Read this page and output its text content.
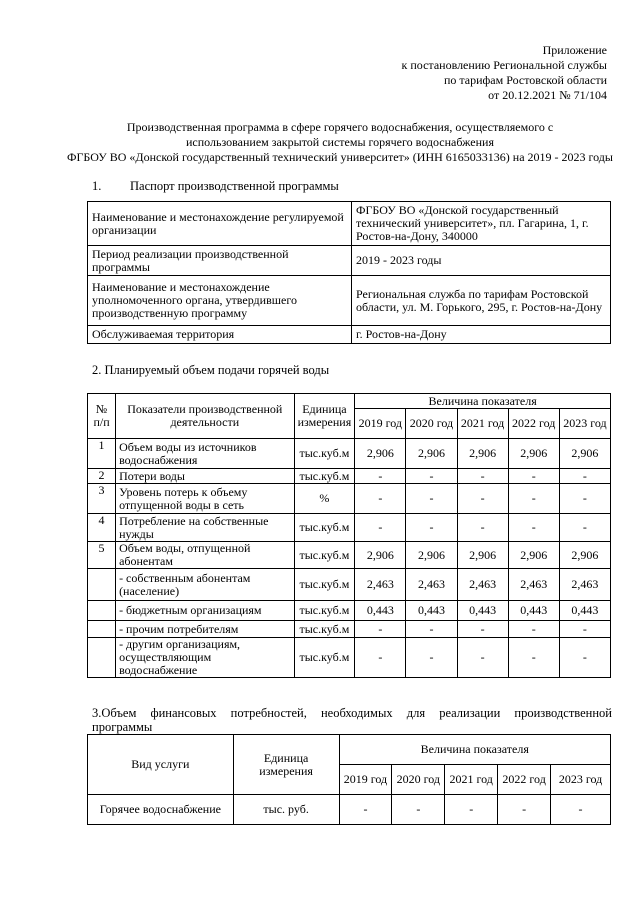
Приложение
к постановлению Региональной службы
по тарифам Ростовской области
от 20.12.2021 № 71/104
Производственная программа в сфере горячего водоснабжения, осуществляемого с
использованием закрытой системы горячего водоснабжения
ФГБОУ ВО «Донской государственный технический университет» (ИНН 6165033136) на 2019 - 2023 годы
1. Паспорт производственной программы
Наименование и местонахождение регулируемой организации	ФГБОУ ВО «Донской государственный технический университет», пл. Гагарина, 1, г. Ростов-на-Дону, 340000
Период реализации производственной программы	2019 - 2023 годы
Наименование и местонахождение уполномоченного органа, утвердившего производственную программу	Региональная служба по тарифам Ростовской области, ул. М. Горького, 295, г. Ростов-на-Дону
Обслуживаемая территория	г. Ростов-на-Дону
2. Планируемый объем подачи горячей воды
№ п/п	Показатели производственной деятельности	Единица измерения	Величина показателя				
			2019 год	2020 год	2021 год	2022 год	2023 год
1	Объем воды из источников водоснабжения	тыс.куб.м	2,906	2,906	2,906	2,906	2,906
2	Потери воды	тыс.куб.м	-	-	-	-	-
3	Уровень потерь к объему отпущенной воды в сеть	%	-	-	-	-	-
4	Потребление на собственные нужды	тыс.куб.м	-	-	-	-	-
5	Объем воды, отпущенной абонентам	тыс.куб.м	2,906	2,906	2,906	2,906	2,906
	- собственным абонентам (население)	тыс.куб.м	2,463	2,463	2,463	2,463	2,463
	- бюджетным организациям	тыс.куб.м	0,443	0,443	0,443	0,443	0,443
	- прочим потребителям	тыс.куб.м	-	-	-	-	-
	- другим организациям, осуществляющим водоснабжение	тыс.куб.м	-	-	-	-	-
3.Объем финансовых потребностей, необходимых для реализации производственной
программы
Вид услуги	Единица измерения	Величина показателя				
		2019 год	2020 год	2021 год	2022 год	2023 год
Горячее водоснабжение	тыс. руб.	-	-	-	-	-
